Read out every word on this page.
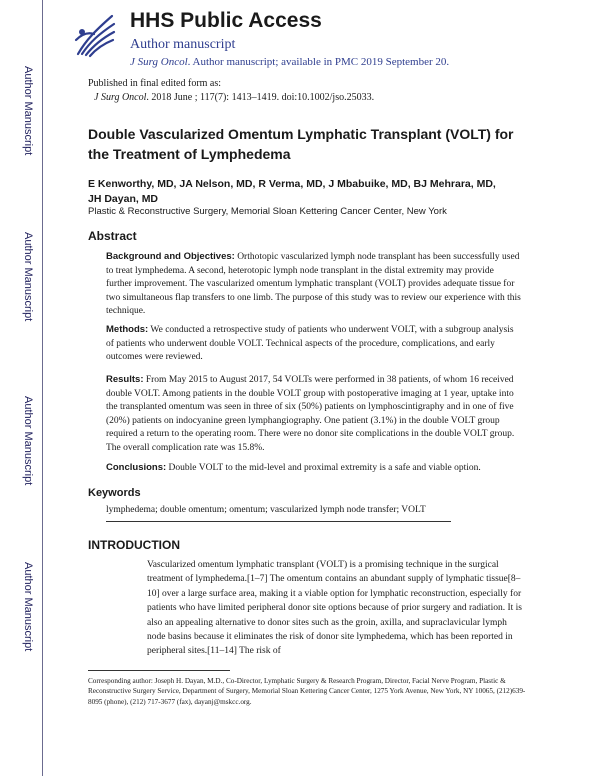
Author Manuscript
Author Manuscript
Author Manuscript
Author Manuscript
HHS Public Access
Author manuscript
J Surg Oncol. Author manuscript; available in PMC 2019 September 20.
Published in final edited form as:
J Surg Oncol. 2018 June ; 117(7): 1413–1419. doi:10.1002/jso.25033.
Double Vascularized Omentum Lymphatic Transplant (VOLT) for the Treatment of Lymphedema
E Kenworthy, MD, JA Nelson, MD, R Verma, MD, J Mbabuike, MD, BJ Mehrara, MD, JH Dayan, MD
Plastic & Reconstructive Surgery, Memorial Sloan Kettering Cancer Center, New York
Abstract
Background and Objectives: Orthotopic vascularized lymph node transplant has been successfully used to treat lymphedema. A second, heterotopic lymph node transplant in the distal extremity may provide further improvement. The vascularized omentum lymphatic transplant (VOLT) provides adequate tissue for two simultaneous flap transfers to one limb. The purpose of this study was to review our experience with this technique.
Methods: We conducted a retrospective study of patients who underwent VOLT, with a subgroup analysis of patients who underwent double VOLT. Technical aspects of the procedure, complications, and early outcomes were reviewed.
Results: From May 2015 to August 2017, 54 VOLTs were performed in 38 patients, of whom 16 received double VOLT. Among patients in the double VOLT group with postoperative imaging at 1 year, uptake into the transplanted omentum was seen in three of six (50%) patients on lymphoscintigraphy and in one of five (20%) patients on indocyanine green lymphangiography. One patient (3.1%) in the double VOLT group required a return to the operating room. There were no donor site complications in the double VOLT group. The overall complication rate was 15.8%.
Conclusions: Double VOLT to the mid-level and proximal extremity is a safe and viable option.
Keywords
lymphedema; double omentum; omentum; vascularized lymph node transfer; VOLT
INTRODUCTION
Vascularized omentum lymphatic transplant (VOLT) is a promising technique in the surgical treatment of lymphedema.[1–7] The omentum contains an abundant supply of lymphatic tissue[8–10] over a large surface area, making it a viable option for lymphatic reconstruction, especially for patients who have limited peripheral donor site options because of prior surgery and radiation. It is also an appealing alternative to donor sites such as the groin, axilla, and supraclavicular lymph node basins because it eliminates the risk of donor site lymphedema, which has been reported in peripheral sites.[11–14] The risk of
Corresponding author: Joseph H. Dayan, M.D., Co-Director, Lymphatic Surgery & Research Program, Director, Facial Nerve Program, Plastic & Reconstructive Surgery Service, Department of Surgery, Memorial Sloan Kettering Cancer Center, 1275 York Avenue, New York, NY 10065, (212)639-8095 (phone), (212) 717-3677 (fax), dayanj@mskcc.org.
